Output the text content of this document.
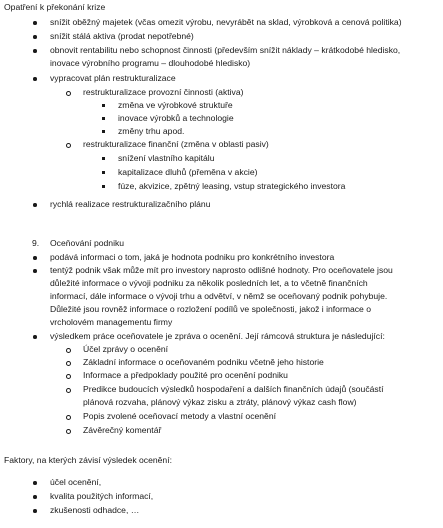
Opatření k překonání krize
snížit oběžný majetek (včas omezit výrobu, nevyrábět na sklad, výrobková a cenová politika)
snížit stálá aktiva (prodat nepotřebné)
obnovit rentabilitu nebo schopnost činnosti (především snížit náklady – krátkodobé hledisko,
inovace výrobního programu – dlouhodobé hledisko)
vypracovat plán restrukturalizace
restrukturalizace provozní činnosti (aktiva)
změna ve výrobkové struktuře
inovace výrobků a technologie
změny trhu apod.
restrukturalizace finanční (změna v oblasti pasiv)
snížení vlastního kapitálu
kapitalizace dluhů (přeměna v akcie)
fúze, akvizice, zpětný leasing, vstup strategického investora
rychlá realizace restrukturalizačního plánu
9. Oceňování podniku
podává informaci o tom, jaká je hodnota podniku pro konkrétního investora
tentýž podnik však může mít pro investory naprosto odlišné hodnoty. Pro oceňovatele jsou
důležité informace o vývoji podniku za několik posledních let, a to včetně finančních
informací, dále informace o vývoji trhu a odvětví, v němž se oceňovaný podnik pohybuje.
Důležité jsou rovněž informace o rozložení podílů ve společnosti, jakož i informace o
vrcholovém managementu firmy
výsledkem práce oceňovatele je zpráva o ocenění. Její rámcová struktura je následující:
Účel zprávy o ocenění
Základní informace o oceňovaném podniku včetně jeho historie
Informace a předpoklady použité pro ocenění podniku
Predikce budoucích výsledků hospodaření a dalších finančních údajů (součástí
plánová rozvaha, plánový výkaz zisku a ztráty, plánový výkaz cash flow)
Popis zvolené oceňovací metody a vlastní ocenění
Závěrečný komentář
Faktory, na kterých závisí výsledek ocenění:
účel ocenění,
kvalita použitých informací,
zkušenosti odhadce, …
